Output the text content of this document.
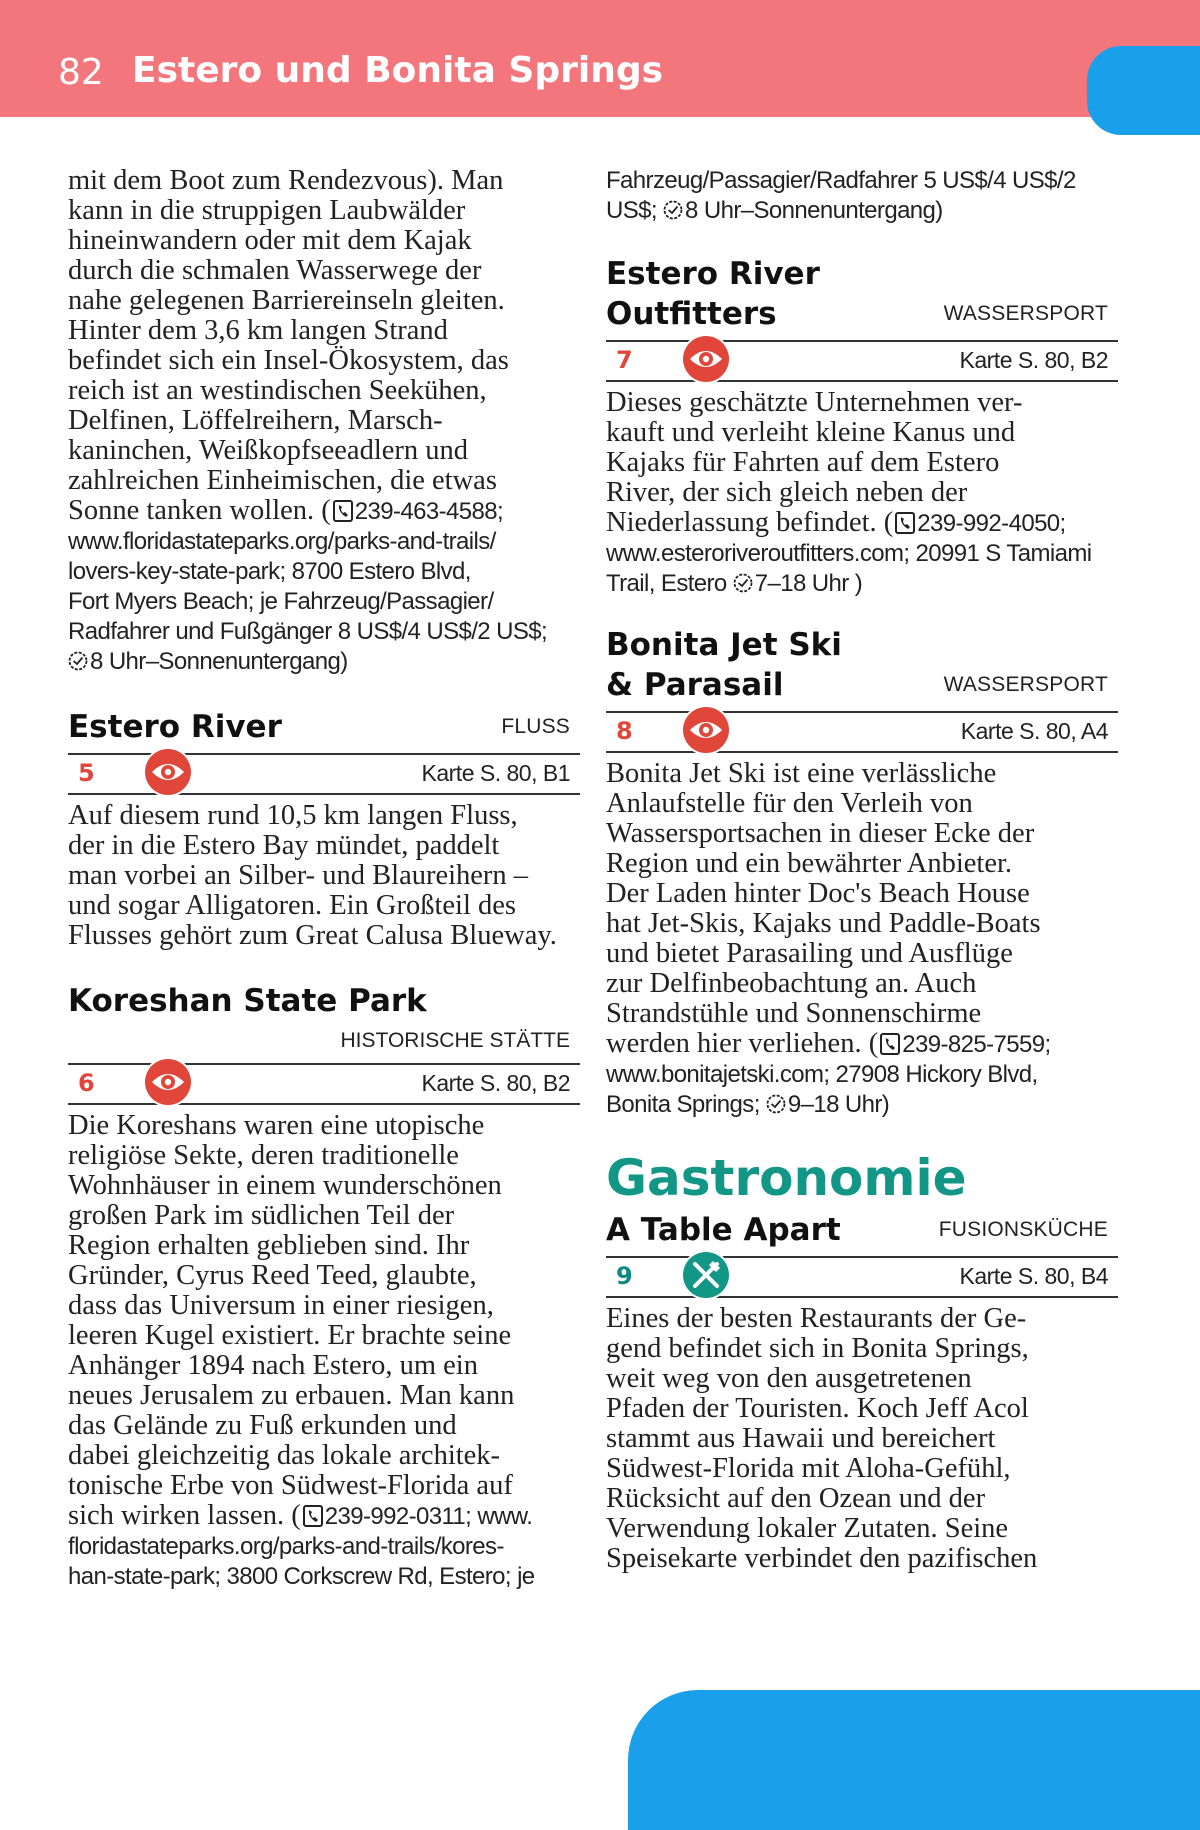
82 Estero und Bonita Springs

mit dem Boot zum Rendezvous). Man

kann in die struppigen Laubwälder

hineinwandern oder mit dem Kajak

durch die schmalen Wasserwege der

nahe gelegenen Barriereinseln gleiten.

Hinter dem 3,6 km langen Strand

befindet sich ein Insel-Ökosystem, das

reich ist an westindischen Seekühen,

Delfinen, Löffelreihern, Marsch-

kaninchen, Weißkopfseeadlern und

zahlreichen Einheimischen, die etwas

Sonne tanken wollen. ( 239-463-4588;

www.floridastateparks.org/parks-and-trails/

lovers-key-state-park; 8700 Estero Blvd,

Fort Myers Beach; je Fahrzeug/Passagier/

Radfahrer und Fußgänger 8 US$/4 US$/2 US$;

8 Uhr–Sonnenuntergang)

Estero River	FLUSS
5	Karte S. 80, B1

Auf diesem rund 10,5 km langen Fluss,

der in die Estero Bay mündet, paddelt

man vorbei an Silber- und Blaureihern –

und sogar Alligatoren. Ein Großteil des

Flusses gehört zum Great Calusa Blueway.

Koreshan State Park
HISTORISCHE STÄTTE
6	Karte S. 80, B2

Die Koreshans waren eine utopische

religiöse Sekte, deren traditionelle

Wohnhäuser in einem wunderschönen

großen Park im südlichen Teil der

Region erhalten geblieben sind. Ihr

Gründer, Cyrus Reed Teed, glaubte,

dass das Universum in einer riesigen,

leeren Kugel existiert. Er brachte seine

Anhänger 1894 nach Estero, um ein

neues Jerusalem zu erbauen. Man kann

das Gelände zu Fuß erkunden und

dabei gleichzeitig das lokale architek-

tonische Erbe von Südwest-Florida auf

sich wirken lassen. ( 239-992-0311; www.

floridastateparks.org/parks-and-trails/kores-

han-state-park; 3800 Corkscrew Rd, Estero; je

Fahrzeug/Passagier/Radfahrer 5 US$/4 US$/2

US$; 8 Uhr–Sonnenuntergang)

Estero River
Outfitters	WASSERSPORT
7	Karte S. 80, B2

Dieses geschätzte Unternehmen ver-

kauft und verleiht kleine Kanus und

Kajaks für Fahrten auf dem Estero

River, der sich gleich neben der

Niederlassung befindet. ( 239-992-4050;

www.esteroriveroutfitters.com; 20991 S Tamiami

Trail, Estero 7–18 Uhr )

Bonita Jet Ski
& Parasail	WASSERSPORT
8	Karte S. 80, A4

Bonita Jet Ski ist eine verlässliche

Anlaufstelle für den Verleih von

Wassersportsachen in dieser Ecke der

Region und ein bewährter Anbieter.

Der Laden hinter Doc's Beach House

hat Jet-Skis, Kajaks und Paddle-Boats

und bietet Parasailing und Ausflüge

zur Delfinbeobachtung an. Auch

Strandstühle und Sonnenschirme

werden hier verliehen. ( 239-825-7559;

www.bonitajetski.com; 27908 Hickory Blvd,

Bonita Springs; 9–18 Uhr)

Gastronomie
A Table Apart	FUSIONSKÜCHE
9	Karte S. 80, B4

Eines der besten Restaurants der Ge-

gend befindet sich in Bonita Springs,

weit weg von den ausgetretenen

Pfaden der Touristen. Koch Jeff Acol

stammt aus Hawaii und bereichert

Südwest-Florida mit Aloha-Gefühl,

Rücksicht auf den Ozean und der

Verwendung lokaler Zutaten. Seine

Speisekarte verbindet den pazifischen
